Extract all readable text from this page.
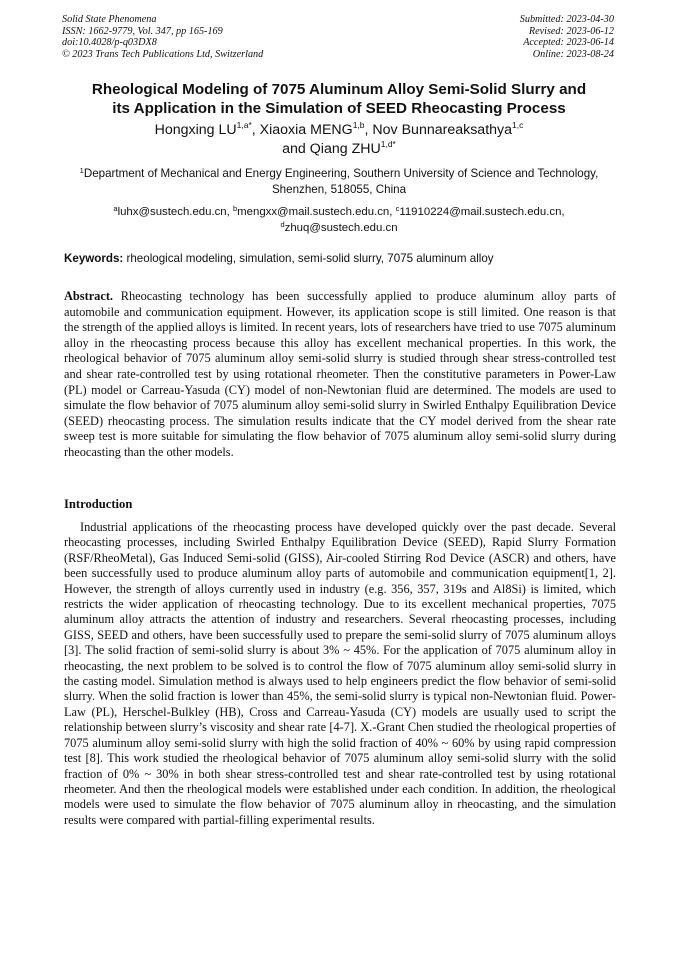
Solid State Phenomena
ISSN: 1662-9779, Vol. 347, pp 165-169
doi:10.4028/p-q03DX8
© 2023 Trans Tech Publications Ltd, Switzerland
Submitted: 2023-04-30
Revised: 2023-06-12
Accepted: 2023-06-14
Online: 2023-08-24
Rheological Modeling of 7075 Aluminum Alloy Semi-Solid Slurry and
its Application in the Simulation of SEED Rheocasting Process
Hongxing $LU^{1,a*}$, Xiaoxia MENG$^{1,b}$, Nov Bunnareaksathya$^{1,c}$
and Qiang $ZHU^{1,d*}$
$^1$Department of Mechanical and Energy Engineering, Southern University of Science and Technology, Shenzhen, 518055, China
$^a$luhx@sustech.edu.cn, $^b$mengxx@mail.sustech.edu.cn, $^c$11910224@mail.sustech.edu.cn,
$^d$zhuq@sustech.edu.cn
Keywords: rheological modeling, simulation, semi-solid slurry, 7075 aluminum alloy

Abstract. Rheocasting technology has been successfully applied to produce aluminum alloy parts of automobile and communication equipment. However, its application scope is still limited. One reason is that the strength of the applied alloys is limited. In recent years, lots of researchers have tried to use 7075 aluminum alloy in the rheocasting process because this alloy has excellent mechanical properties. In this work, the rheological behavior of 7075 aluminum alloy semi-solid slurry is studied through shear stress-controlled test and shear rate-controlled test by using rotational rheometer. Then the constitutive parameters in Power-Law (PL) model or Carreau-Yasuda (CY) model of non-Newtonian fluid are determined. The models are used to simulate the flow behavior of 7075 aluminum alloy semi-solid slurry in Swirled Enthalpy Equilibration Device (SEED) rheocasting process. The simulation results indicate that the CY model derived from the shear rate sweep test is more suitable for simulating the flow behavior of 7075 aluminum alloy semi-solid slurry during rheocasting than the other models.

Introduction

Industrial applications of the rheocasting process have developed quickly over the past decade. Several rheocasting processes, including Swirled Enthalpy Equilibration Device (SEED), Rapid Slurry Formation (RSF/RheoMetal), Gas Induced Semi-solid (GISS), Air-cooled Stirring Rod Device (ASCR) and others, have been successfully used to produce aluminum alloy parts of automobile and communication equipment[1, 2]. However, the strength of alloys currently used in industry (e.g. 356, 357, 319s and Al8Si) is limited, which restricts the wider application of rheocasting technology. Due to its excellent mechanical properties, 7075 aluminum alloy attracts the attention of industry and researchers. Several rheocasting processes, including GISS, SEED and others, have been successfully used to prepare the semi-solid slurry of 7075 aluminum alloys [3]. The solid fraction of semi-solid slurry is about 3% ~ 45%. For the application of 7075 aluminum alloy in rheocasting, the next problem to be solved is to control the flow of 7075 aluminum alloy semi-solid slurry in the casting model. Simulation method is always used to help engineers predict the flow behavior of semi-solid slurry. When the solid fraction is lower than 45%, the semi-solid slurry is typical non-Newtonian fluid. Power-Law (PL), Herschel-Bulkley (HB), Cross and Carreau-Yasuda (CY) models are usually used to script the relationship between slurry’s viscosity and shear rate [4-7]. X.-Grant Chen studied the rheological properties of 7075 aluminum alloy semi-solid slurry with high the solid fraction of 40% ~ 60% by using rapid compression test [8]. This work studied the rheological behavior of 7075 aluminum alloy semi-solid slurry with the solid fraction of 0% ~ 30% in both shear stress-controlled test and shear rate-controlled test by using rotational rheometer. And then the rheological models were established under each condition. In addition, the rheological models were used to simulate the flow behavior of 7075 aluminum alloy in rheocasting, and the simulation results were compared with partial-filling experimental results.
